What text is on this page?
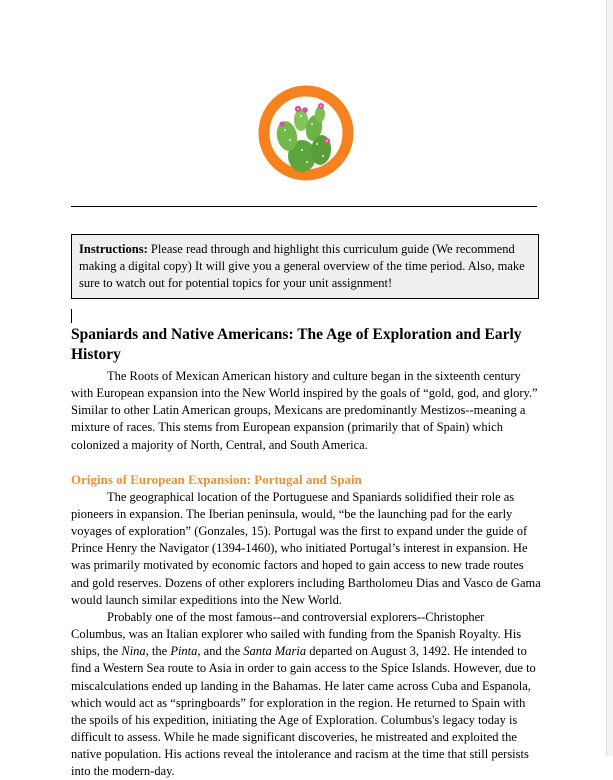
Instructions: Please read through and highlight this curriculum guide (We recommend making a digital copy) It will give you a general overview of the time period. Also, make sure to watch out for potential topics for your unit assignment!
Spaniards and Native Americans: The Age of Exploration and Early History

The Roots of Mexican American history and culture began in the sixteenth century with European expansion into the New World inspired by the goals of “gold, god, and glory.” Similar to other Latin American groups, Mexicans are predominantly Mestizos--meaning a mixture of races. This stems from European expansion (primarily that of Spain) which colonized a majority of North, Central, and South America.

Origins of European Expansion: Portugal and Spain

The geographical location of the Portuguese and Spaniards solidified their role as pioneers in expansion. The Iberian peninsula, would, “be the launching pad for the early voyages of exploration” (Gonzales, 15). Portugal was the first to expand under the guide of Prince Henry the Navigator (1394-1460), who initiated Portugal’s interest in expansion. He was primarily motivated by economic factors and hoped to gain access to new trade routes and gold reserves. Dozens of other explorers including Bartholomeu Dias and Vasco de Gama would launch similar expeditions into the New World.

Probably one of the most famous--and controversial explorers--Christopher Columbus, was an Italian explorer who sailed with funding from the Spanish Royalty. His ships, the Nina, the Pinta, and the Santa Maria departed on August 3, 1492. He intended to find a Western Sea route to Asia in order to gain access to the Spice Islands. However, due to miscalculations ended up landing in the Bahamas. He later came across Cuba and Espanola, which would act as “springboards” for exploration in the region. He returned to Spain with the spoils of his expedition, initiating the Age of Exploration. Columbus's legacy today is difficult to assess. While he made significant discoveries, he mistreated and exploited the native population. His actions reveal the intolerance and racism at the time that still persists into the modern-day.
